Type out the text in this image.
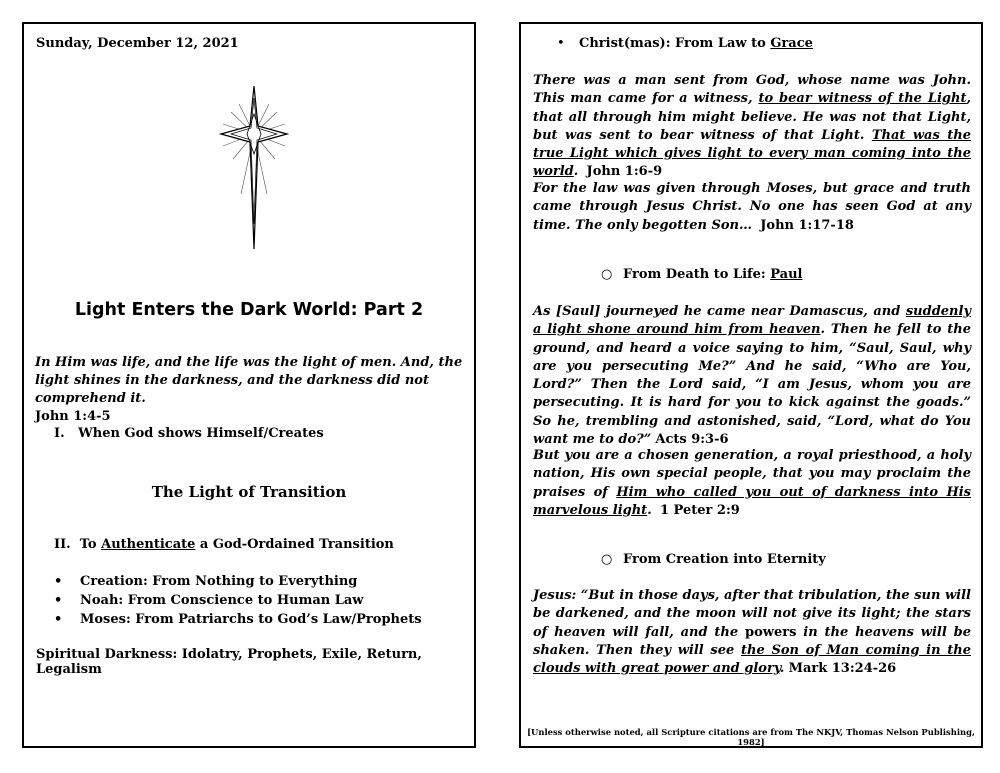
Sunday, December 12, 2021
Light Enters the Dark World: Part 2
In Him was life, and the life was the light of men. And, the light shines in the darkness, and the darkness did not comprehend it.
John 1:4-5
I.   When God shows Himself/Creates
The Light of Transition
II.  To Authenticate a God-Ordained Transition
• Creation: From Nothing to Everything
• Noah: From Conscience to Human Law
• Moses: From Patriarchs to God’s Law/Prophets
Spiritual Darkness: Idolatry, Prophets, Exile, Return, Legalism
• Christ(mas): From Law to Grace

There was a man sent from God, whose name was John. This man came for a witness, to bear witness of the Light, that all through him might believe. He was not that Light, but was sent to bear witness of that Light. That was the true Light which gives light to every man coming into the world. John 1:6-9

For the law was given through Moses, but grace and truth came through Jesus Christ. No one has seen God at any time. The only begotten Son… John 1:17-18

○ From Death to Life: Paul

As [Saul] journeyed he came near Damascus, and suddenly a light shone around him from heaven. Then he fell to the ground, and heard a voice saying to him, “Saul, Saul, why are you persecuting Me?” And he said, “Who are You, Lord?” Then the Lord said, “I am Jesus, whom you are persecuting. It is hard for you to kick against the goads.” So he, trembling and astonished, said, “Lord, what do You want me to do?” Acts 9:3-6

But you are a chosen generation, a royal priesthood, a holy nation, His own special people, that you may proclaim the praises of Him who called you out of darkness into His marvelous light. 1 Peter 2:9

○ From Creation into Eternity

Jesus: “But in those days, after that tribulation, the sun will be darkened, and the moon will not give its light; the stars of heaven will fall, and the powers in the heavens will be shaken. Then they will see the Son of Man coming in the clouds with great power and glory. Mark 13:24-26

[Unless otherwise noted, all Scripture citations are from The NKJV, Thomas Nelson Publishing, 1982]
